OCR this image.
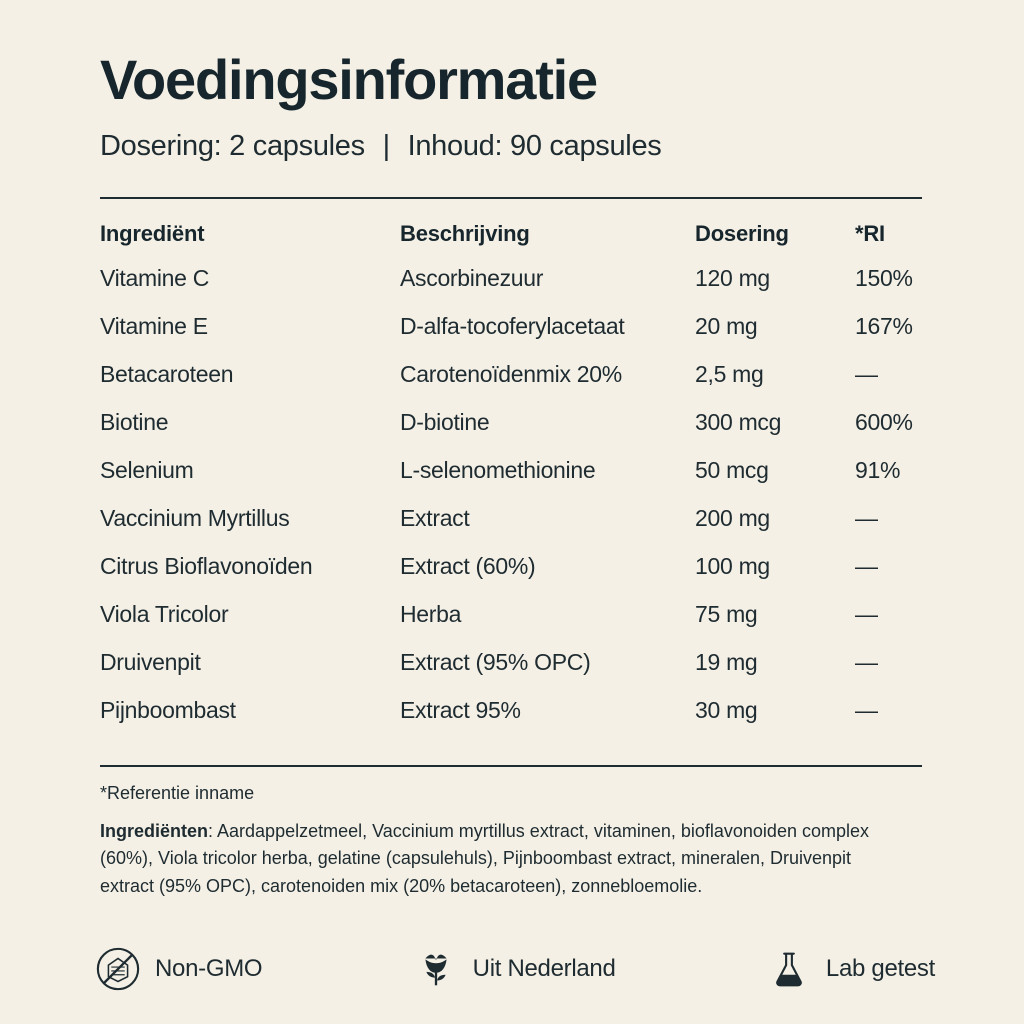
Voedingsinformatie
Dosering: 2 capsules | Inhoud: 90 capsules
Ingrediënt	Beschrijving	Dosering	*RI
Vitamine C	Ascorbinezuur	120 mg	150%
Vitamine E	D-alfa-tocoferylacetaat	20 mg	167%
Betacaroteen	Carotenoïdenmix 20%	2,5 mg	—
Biotine	D-biotine	300 mcg	600%
Selenium	L-selenomethionine	50 mcg	91%
Vaccinium Myrtillus	Extract	200 mg	—
Citrus Bioflavonoïden	Extract (60%)	100 mg	—
Viola Tricolor	Herba	75 mg	—
Druivenpit	Extract (95% OPC)	19 mg	—
Pijnboombast	Extract 95%	30 mg	—
*Referentie inname
Ingrediënten: Aardappelzetmeel, Vaccinium myrtillus extract, vitaminen, bioflavonoiden complex (60%), Viola tricolor herba, gelatine (capsulehuls), Pijnboombast extract, mineralen, Druivenpit extract (95% OPC), carotenoiden mix (20% betacaroteen), zonnebloemolie.
Non-GMO	Uit Nederland	Lab getest
